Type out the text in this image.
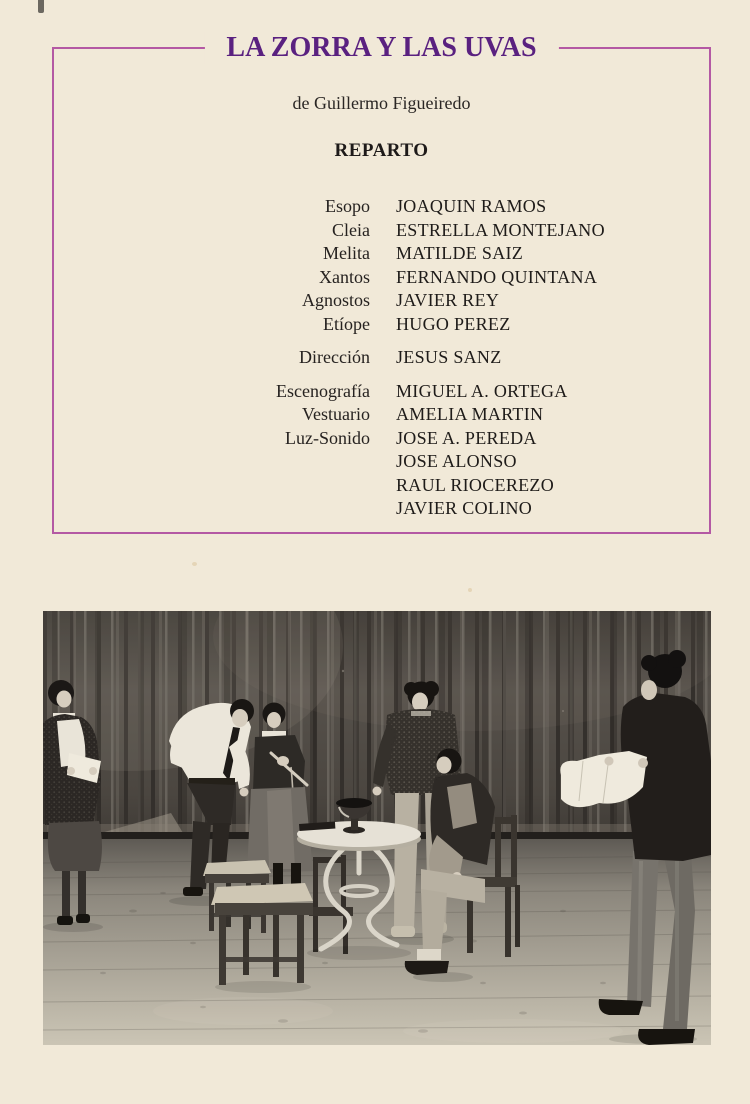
LA ZORRA Y LAS UVAS

de Guillermo Figueiredo

REPARTO
Esopo JOAQUIN RAMOS
Cleia ESTRELLA MONTEJANO
Melita MATILDE SAIZ
Xantos FERNANDO QUINTANA
Agnostos JAVIER REY
Etíope HUGO PEREZ
Dirección JESUS SANZ
Escenografía MIGUEL A. ORTEGA
Vestuario AMELIA MARTIN
Luz-Sonido JOSE A. PEREDA
JOSE ALONSO
RAUL RIOCEREZO
JAVIER COLINO
